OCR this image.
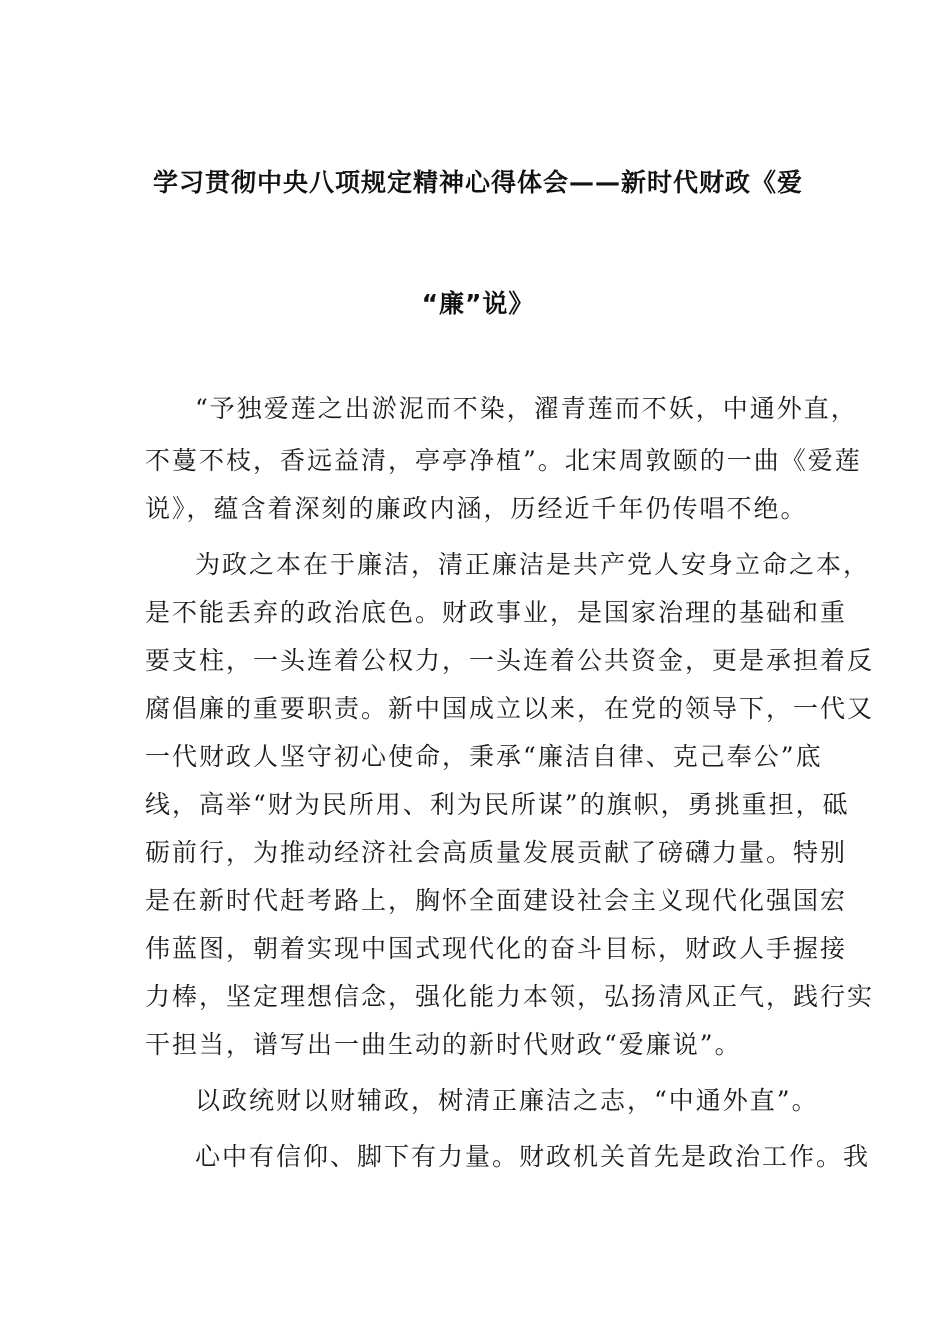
学习贯彻中央八项规定精神心得体会——新时代财政《爱
“廉”说》
“予独爱莲之出淤泥而不染，濯青莲而不妖，中通外直，
不蔓不枝，香远益清，亭亭净植”。北宋周敦颐的一曲《爱莲
说》，蕴含着深刻的廉政内涵，历经近千年仍传唱不绝。
为政之本在于廉洁，清正廉洁是共产党人安身立命之本，
是不能丢弃的政治底色。财政事业，是国家治理的基础和重
要支柱，一头连着公权力，一头连着公共资金，更是承担着反
腐倡廉的重要职责。新中国成立以来，在党的领导下，一代又
一代财政人坚守初心使命，秉承“廉洁自律、克己奉公”底
线，高举“财为民所用、利为民所谋”的旗帜，勇挑重担，砥
砺前行，为推动经济社会高质量发展贡献了磅礴力量。特别
是在新时代赶考路上，胸怀全面建设社会主义现代化强国宏
伟蓝图，朝着实现中国式现代化的奋斗目标，财政人手握接
力棒，坚定理想信念，强化能力本领，弘扬清风正气，践行实
干担当，谱写出一曲生动的新时代财政“爱廉说”。
以政统财以财辅政，树清正廉洁之志，“中通外直”。
心中有信仰、脚下有力量。财政机关首先是政治工作。我
